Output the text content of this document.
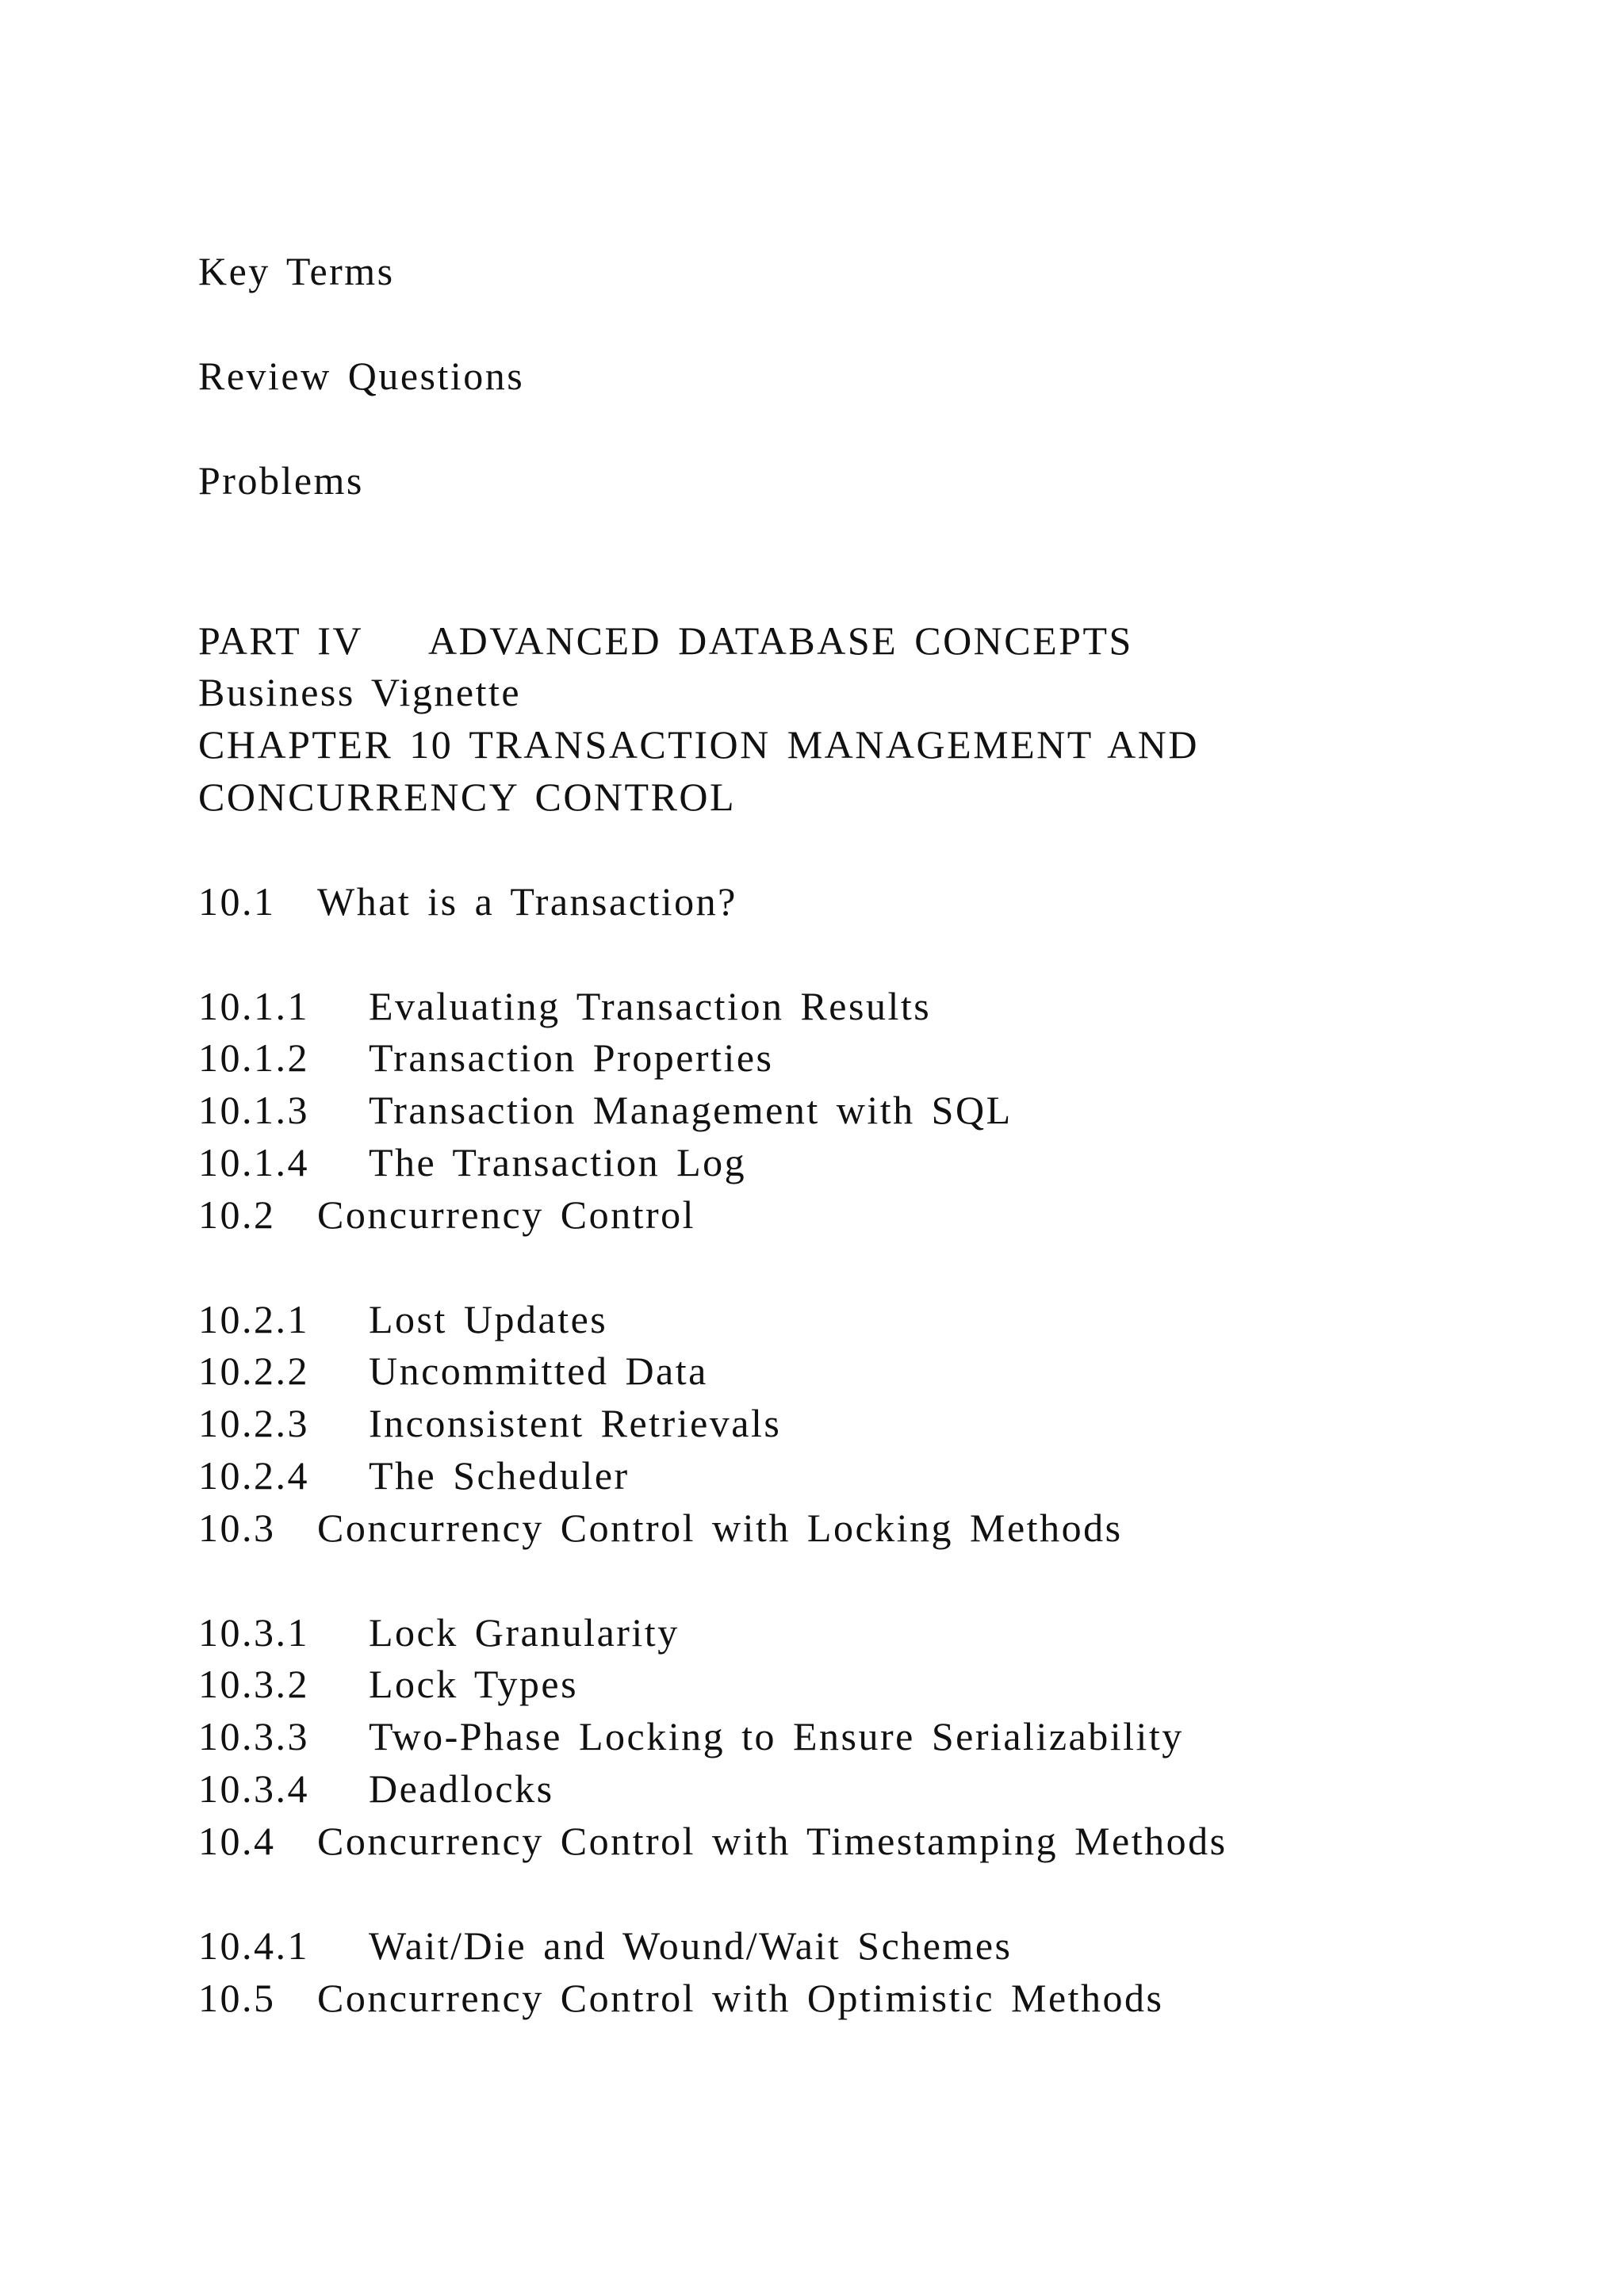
Key Terms
Review Questions
Problems
PART IV ADVANCED DATABASE CONCEPTS
Business Vignette
CHAPTER 10 TRANSACTION MANAGEMENT AND
CONCURRENCY CONTROL
10.1 What is a Transaction?
10.1.1 Evaluating Transaction Results
10.1.2 Transaction Properties
10.1.3 Transaction Management with SQL
10.1.4 The Transaction Log
10.2 Concurrency Control
10.2.1 Lost Updates
10.2.2 Uncommitted Data
10.2.3 Inconsistent Retrievals
10.2.4 The Scheduler
10.3 Concurrency Control with Locking Methods
10.3.1 Lock Granularity
10.3.2 Lock Types
10.3.3 Two-Phase Locking to Ensure Serializability
10.3.4 Deadlocks
10.4 Concurrency Control with Timestamping Methods
10.4.1 Wait/Die and Wound/Wait Schemes
10.5 Concurrency Control with Optimistic Methods
